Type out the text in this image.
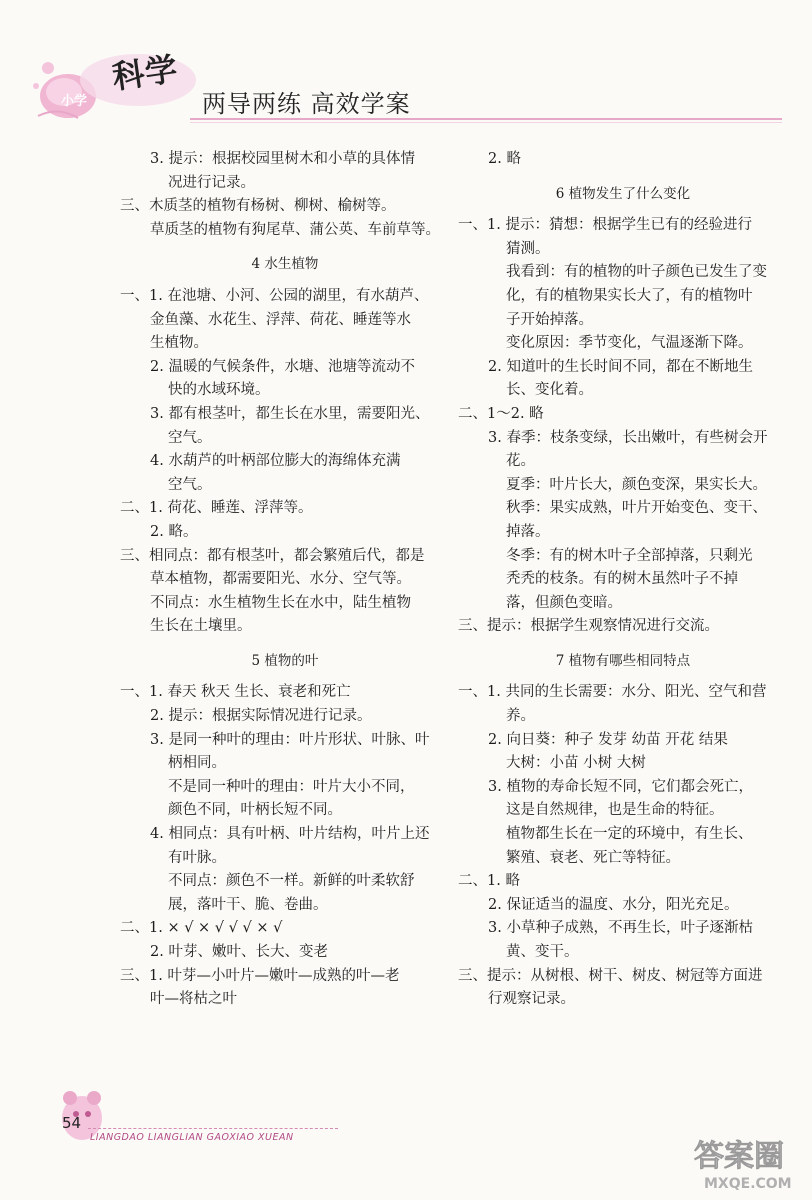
小学
科学
两导两练 高效学案
3. 提示：根据校园里树木和小草的具体情
况进行记录。
三、木质茎的植物有杨树、柳树、榆树等。
草质茎的植物有狗尾草、蒲公英、车前草等。
4 水生植物
一、1. 在池塘、小河、公园的湖里，有水葫芦、
金鱼藻、水花生、浮萍、荷花、睡莲等水
生植物。
2. 温暖的气候条件，水塘、池塘等流动不
快的水域环境。
3. 都有根茎叶，都生长在水里，需要阳光、
空气。
4. 水葫芦的叶柄部位膨大的海绵体充满
空气。
二、1. 荷花、睡莲、浮萍等。
2. 略。
三、相同点：都有根茎叶，都会繁殖后代，都是
草本植物，都需要阳光、水分、空气等。
不同点：水生植物生长在水中，陆生植物
生长在土壤里。
5 植物的叶
一、1. 春天 秋天 生长、衰老和死亡
2. 提示：根据实际情况进行记录。
3. 是同一种叶的理由：叶片形状、叶脉、叶
柄相同。
不是同一种叶的理由：叶片大小不同，
颜色不同，叶柄长短不同。
4. 相同点：具有叶柄、叶片结构，叶片上还
有叶脉。
不同点：颜色不一样。新鲜的叶柔软舒
展，落叶干、脆、卷曲。
二、1. × √ × √ √ √ × √
2. 叶芽、嫩叶、长大、变老
三、1. 叶芽—小叶片—嫩叶—成熟的叶—老
叶—将枯之叶
2. 略
6 植物发生了什么变化
一、1. 提示：猜想：根据学生已有的经验进行
猜测。
我看到：有的植物的叶子颜色已发生了变
化，有的植物果实长大了，有的植物叶
子开始掉落。
变化原因：季节变化，气温逐渐下降。
2. 知道叶的生长时间不同，都在不断地生
长、变化着。
二、1～2. 略
3. 春季：枝条变绿，长出嫩叶，有些树会开
花。
夏季：叶片长大，颜色变深，果实长大。
秋季：果实成熟，叶片开始变色、变干、
掉落。
冬季：有的树木叶子全部掉落，只剩光
秃秃的枝条。有的树木虽然叶子不掉
落，但颜色变暗。
三、提示：根据学生观察情况进行交流。
7 植物有哪些相同特点
一、1. 共同的生长需要：水分、阳光、空气和营
养。
2. 向日葵：种子 发芽 幼苗 开花 结果
大树：小苗 小树 大树
3. 植物的寿命长短不同，它们都会死亡，
这是自然规律，也是生命的特征。
植物都生长在一定的环境中，有生长、
繁殖、衰老、死亡等特征。
二、1. 略
2. 保证适当的温度、水分，阳光充足。
3. 小草种子成熟，不再生长，叶子逐渐枯
黄、变干。
三、提示：从树根、树干、树皮、树冠等方面进
行观察记录。
54
LIANGDAO LIANGLIAN GAOXIAO XUEAN
答案圈
MXQE.COM
